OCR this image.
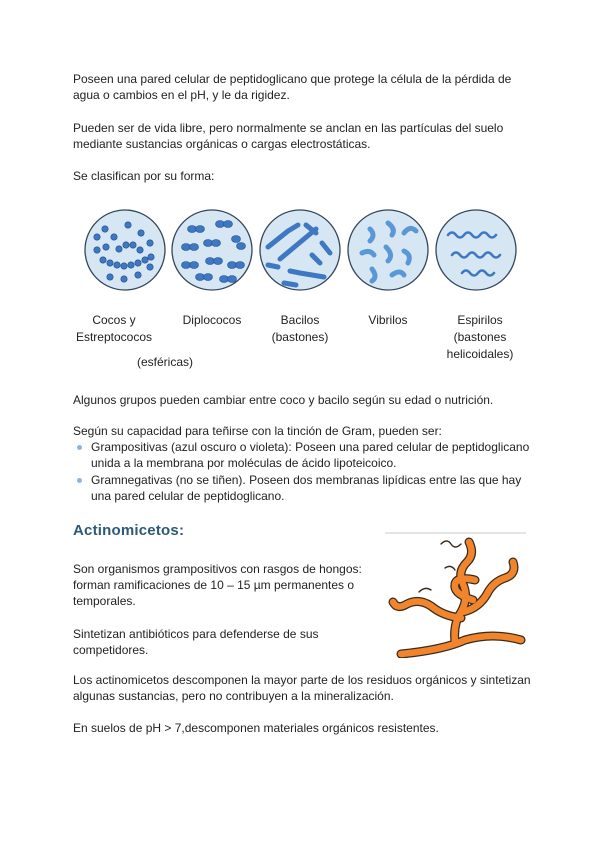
Poseen una pared celular de peptidoglicano que protege la célula de la pérdida de agua o cambios en el pH, y le da rigidez.

Pueden ser de vida libre, pero normalmente se anclan en las partículas del suelo mediante sustancias orgánicas o cargas electrostáticas.

Se clasifican por su forma:

Cocos y
Estreptococos
(esféricas)
Diplococos	Bacilos
(bastones)
Vibrilos	Espirilos
(bastones
helicoidales)

Algunos grupos pueden cambiar entre coco y bacilo según su edad o nutrición.

Según su capacidad para teñirse con la tinción de Gram, pueden ser:

Grampositivas (azul oscuro o violeta): Poseen una pared celular de peptidoglicano unida a la membrana por moléculas de ácido lipoteicoico.
Gramnegativas (no se tiñen). Poseen dos membranas lipídicas entre las que hay una pared celular de peptidoglicano.
Actinomicetos:

Son organismos grampositivos con rasgos de hongos: forman ramificaciones de 10 – 15 µm permanentes o temporales.

Sintetizan antibióticos para defenderse de sus competidores.

Los actinomicetos descomponen la mayor parte de los residuos orgánicos y sintetizan algunas sustancias, pero no contribuyen a la mineralización.

En suelos de pH > 7,descomponen materiales orgánicos resistentes.
